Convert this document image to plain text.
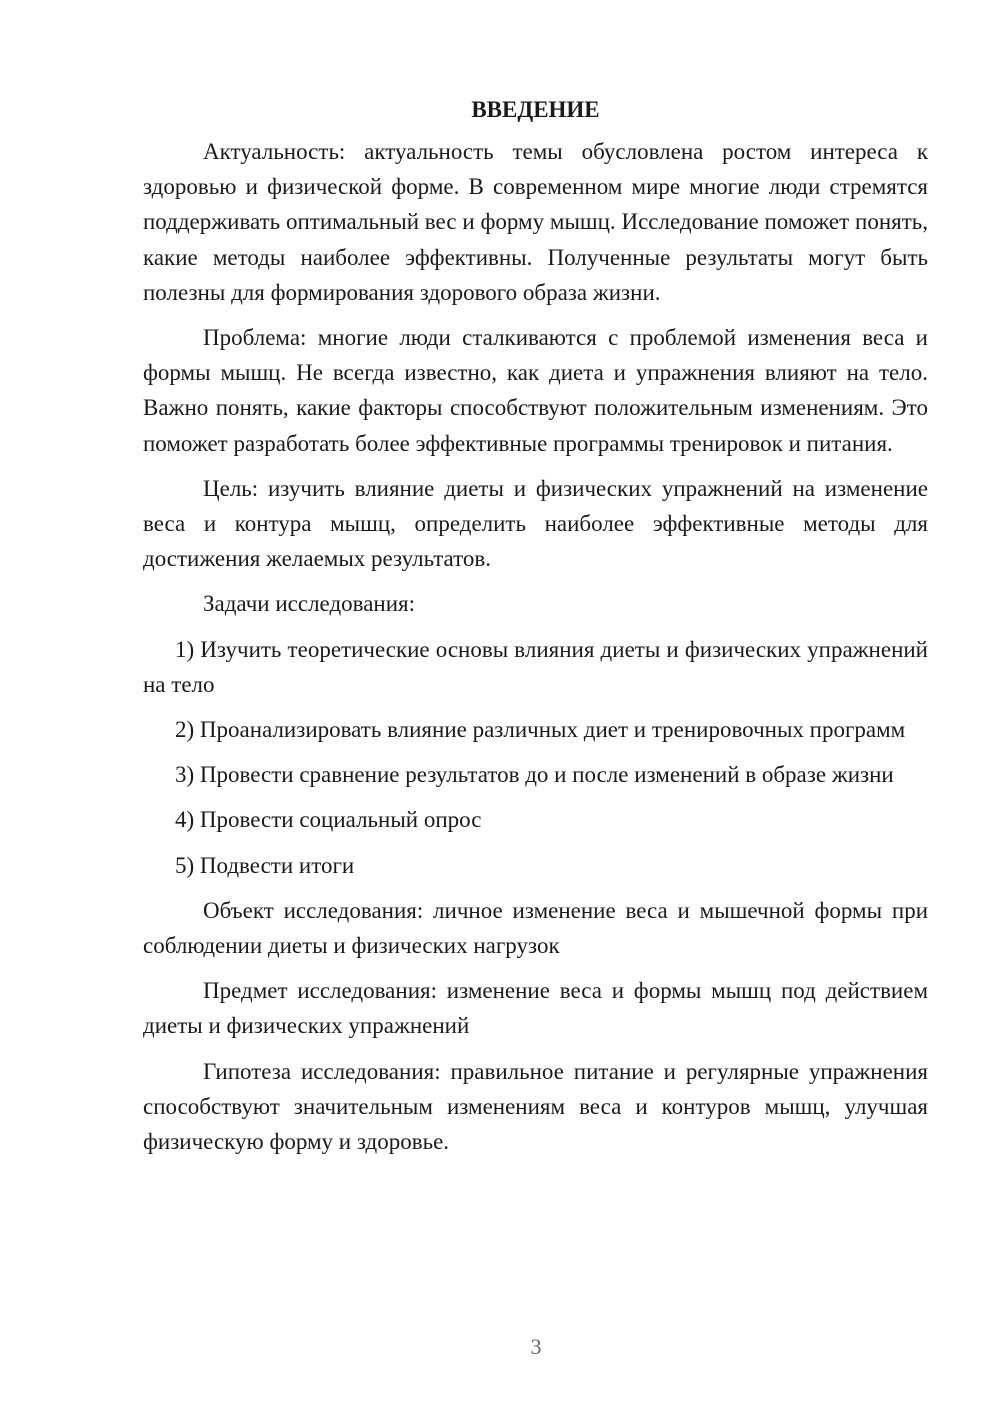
ВВЕДЕНИЕ

Актуальность: актуальность темы обусловлена ростом интереса к здоровью и физической форме. В современном мире многие люди стремятся поддерживать оптимальный вес и форму мышц. Исследование поможет понять, какие методы наиболее эффективны. Полученные результаты могут быть полезны для формирования здорового образа жизни.

Проблема: многие люди сталкиваются с проблемой изменения веса и формы мышц. Не всегда известно, как диета и упражнения влияют на тело. Важно понять, какие факторы способствуют положительным изменениям. Это поможет разработать более эффективные программы тренировок и питания.

Цель: изучить влияние диеты и физических упражнений на изменение веса и контура мышц, определить наиболее эффективные методы для достижения желаемых результатов.

Задачи исследования:

1) Изучить теоретические основы влияния диеты и физических упражнений на тело

2) Проанализировать влияние различных диет и тренировочных программ

3) Провести сравнение результатов до и после изменений в образе жизни

4) Провести социальный опрос

5) Подвести итоги

Объект исследования: личное изменение веса и мышечной формы при соблюдении диеты и физических нагрузок

Предмет исследования: изменение веса и формы мышц под действием диеты и физических упражнений

Гипотеза исследования: правильное питание и регулярные упражнения способствуют значительным изменениям веса и контуров мышц, улучшая физическую форму и здоровье.

3
